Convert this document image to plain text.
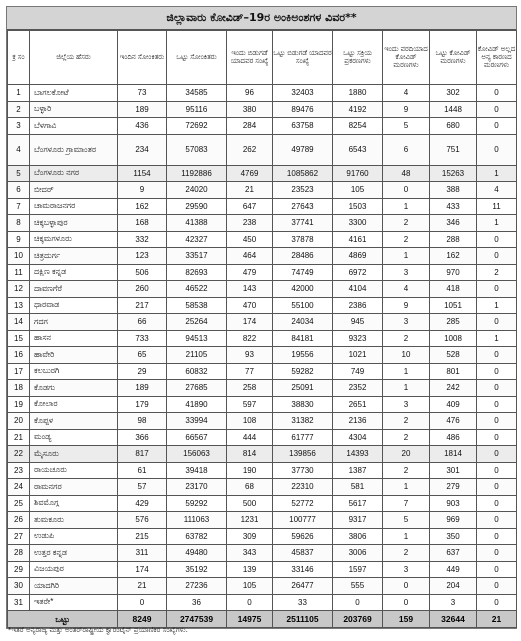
ಜಿಲ್ಲಾವಾರು ಕೋವಿಡ್–19ರ ಅಂಕಿಅಂಶಗಳ ವಿವರ**
ಕ್ರ ಸಂ	ಜಿಲ್ಲೆಯ ಹೆಸರು	ಇಂದಿನ ಸೋಂಕಿತರು	ಒಟ್ಟು ಸೋಂಕಿತರು	ಇಂದು ಬಿಡುಗಡೆ ಯಾದವರ ಸಂಖ್ಯೆ	ಒಟ್ಟು ಬಿಡುಗಡೆ ಯಾದವರ ಸಂಖ್ಯೆ	ಒಟ್ಟು ಸಕ್ರಿಯ ಪ್ರಕರಣಗಳು	ಇಂದು ವರದಿಯಾದ ಕೋವಿಡ್ ಮರಣಗಳು	ಒಟ್ಟು ಕೋವಿಡ್ ಮರಣಗಳು	ಕೋವಿಡ್ ಅಲ್ಲದ ಅನ್ಯ ಕಾರಣದ ಮರಣಗಳು
1	ಬಾಗಲಕೋಟೆ	73	34585	96	32403	1880	4	302	0
2	ಬಳ್ಳಾರಿ	189	95116	380	89476	4192	9	1448	0
3	ಬೆಳಗಾವಿ	436	72692	284	63758	8254	5	680	0
4	ಬೆಂಗಳೂರು ಗ್ರಾಮಾಂತರ	234	57083	262	49789	6543	6	751	0
5	ಬೆಂಗಳೂರು ನಗರ	1154	1192886	4769	1085862	91760	48	15263	1
6	ಬೀದರ್	9	24020	21	23523	105	0	388	4
7	ಚಾಮರಾಜನಗರ	162	29590	647	27643	1503	1	433	11
8	ಚಿಕ್ಕಬಳ್ಳಾಪುರ	168	41388	238	37741	3300	2	346	1
9	ಚಿಕ್ಕಮಗಳೂರು	332	42327	450	37878	4161	2	288	0
10	ಚಿತ್ರದುರ್ಗ	123	33517	464	28486	4869	1	162	0
11	ದಕ್ಷಿಣ ಕನ್ನಡ	506	82693	479	74749	6972	3	970	2
12	ದಾವಣಗೆರೆ	260	46522	143	42000	4104	4	418	0
13	ಧಾರವಾಡ	217	58538	470	55100	2386	9	1051	1
14	ಗದಗ	66	25264	174	24034	945	3	285	0
15	ಹಾಸನ	733	94513	822	84181	9323	2	1008	1
16	ಹಾವೇರಿ	65	21105	93	19556	1021	10	528	0
17	ಕಲಬುರಗಿ	29	60832	77	59282	749	1	801	0
18	ಕೊಡಗು	189	27685	258	25091	2352	1	242	0
19	ಕೋಲಾರ	179	41890	597	38830	2651	3	409	0
20	ಕೊಪ್ಪಳ	98	33994	108	31382	2136	2	476	0
21	ಮಂಡ್ಯ	366	66567	444	61777	4304	2	486	0
22	ಮೈಸೂರು	817	156063	814	139856	14393	20	1814	0
23	ರಾಯಚೂರು	61	39418	190	37730	1387	2	301	0
24	ರಾಮನಗರ	57	23170	68	22310	581	1	279	0
25	ಶಿವಮೊಗ್ಗ	429	59292	500	52772	5617	7	903	0
26	ತುಮಕೂರು	576	111063	1231	100777	9317	5	969	0
27	ಉಡುಪಿ	215	63782	309	59626	3806	1	350	0
28	ಉತ್ತರ ಕನ್ನಡ	311	49480	343	45837	3006	2	637	0
29	ವಿಜಯಪುರ	174	35192	139	33146	1597	3	449	0
30	ಯಾದಗಿರಿ	21	27236	105	26477	555	0	204	0
31	ಇತರೇ*	0	36	0	33	0	0	3	0
ಒಟ್ಟು		8249	2747539	14975	2511105	203769	159	32644	21
*ಇತರೆ ಅನ್ಯರಾಜ್ಯ ಮತ್ತು ಅಂತರ್‌ರಾಷ್ಟ್ರೀಯ ಕ್ವಾರಂಟೈನ್ ಪ್ರಯಾಣಿಕರ ಸಂಖ್ಯೆಗಳು.
